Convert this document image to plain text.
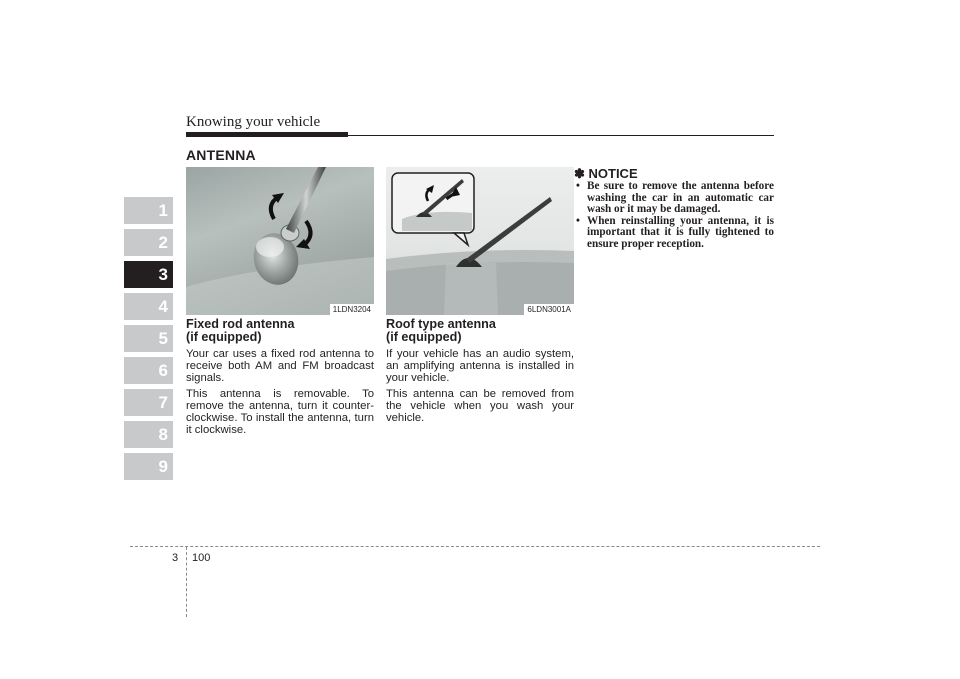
Knowing your vehicle
ANTENNA
1
2
3
4
5
6
7
8
9
1LDN3204	6LDN3001A
Fixed rod antenna
(if equipped)

Your car uses a fixed rod antenna to receive both AM and FM broadcast signals.

This antenna is removable. To remove the antenna, turn it counter-clockwise. To install the antenna, turn it clockwise.

Roof type antenna
(if equipped)

If your vehicle has an audio system, an amplifying antenna is installed in your vehicle.

This antenna can be removed from the vehicle when you wash your vehicle.

✽ NOTICE
• Be sure to remove the antenna before washing the car in an automatic car wash or it may be damaged.
• When reinstalling your antenna, it is important that it is fully tightened to ensure proper reception.
3 100
